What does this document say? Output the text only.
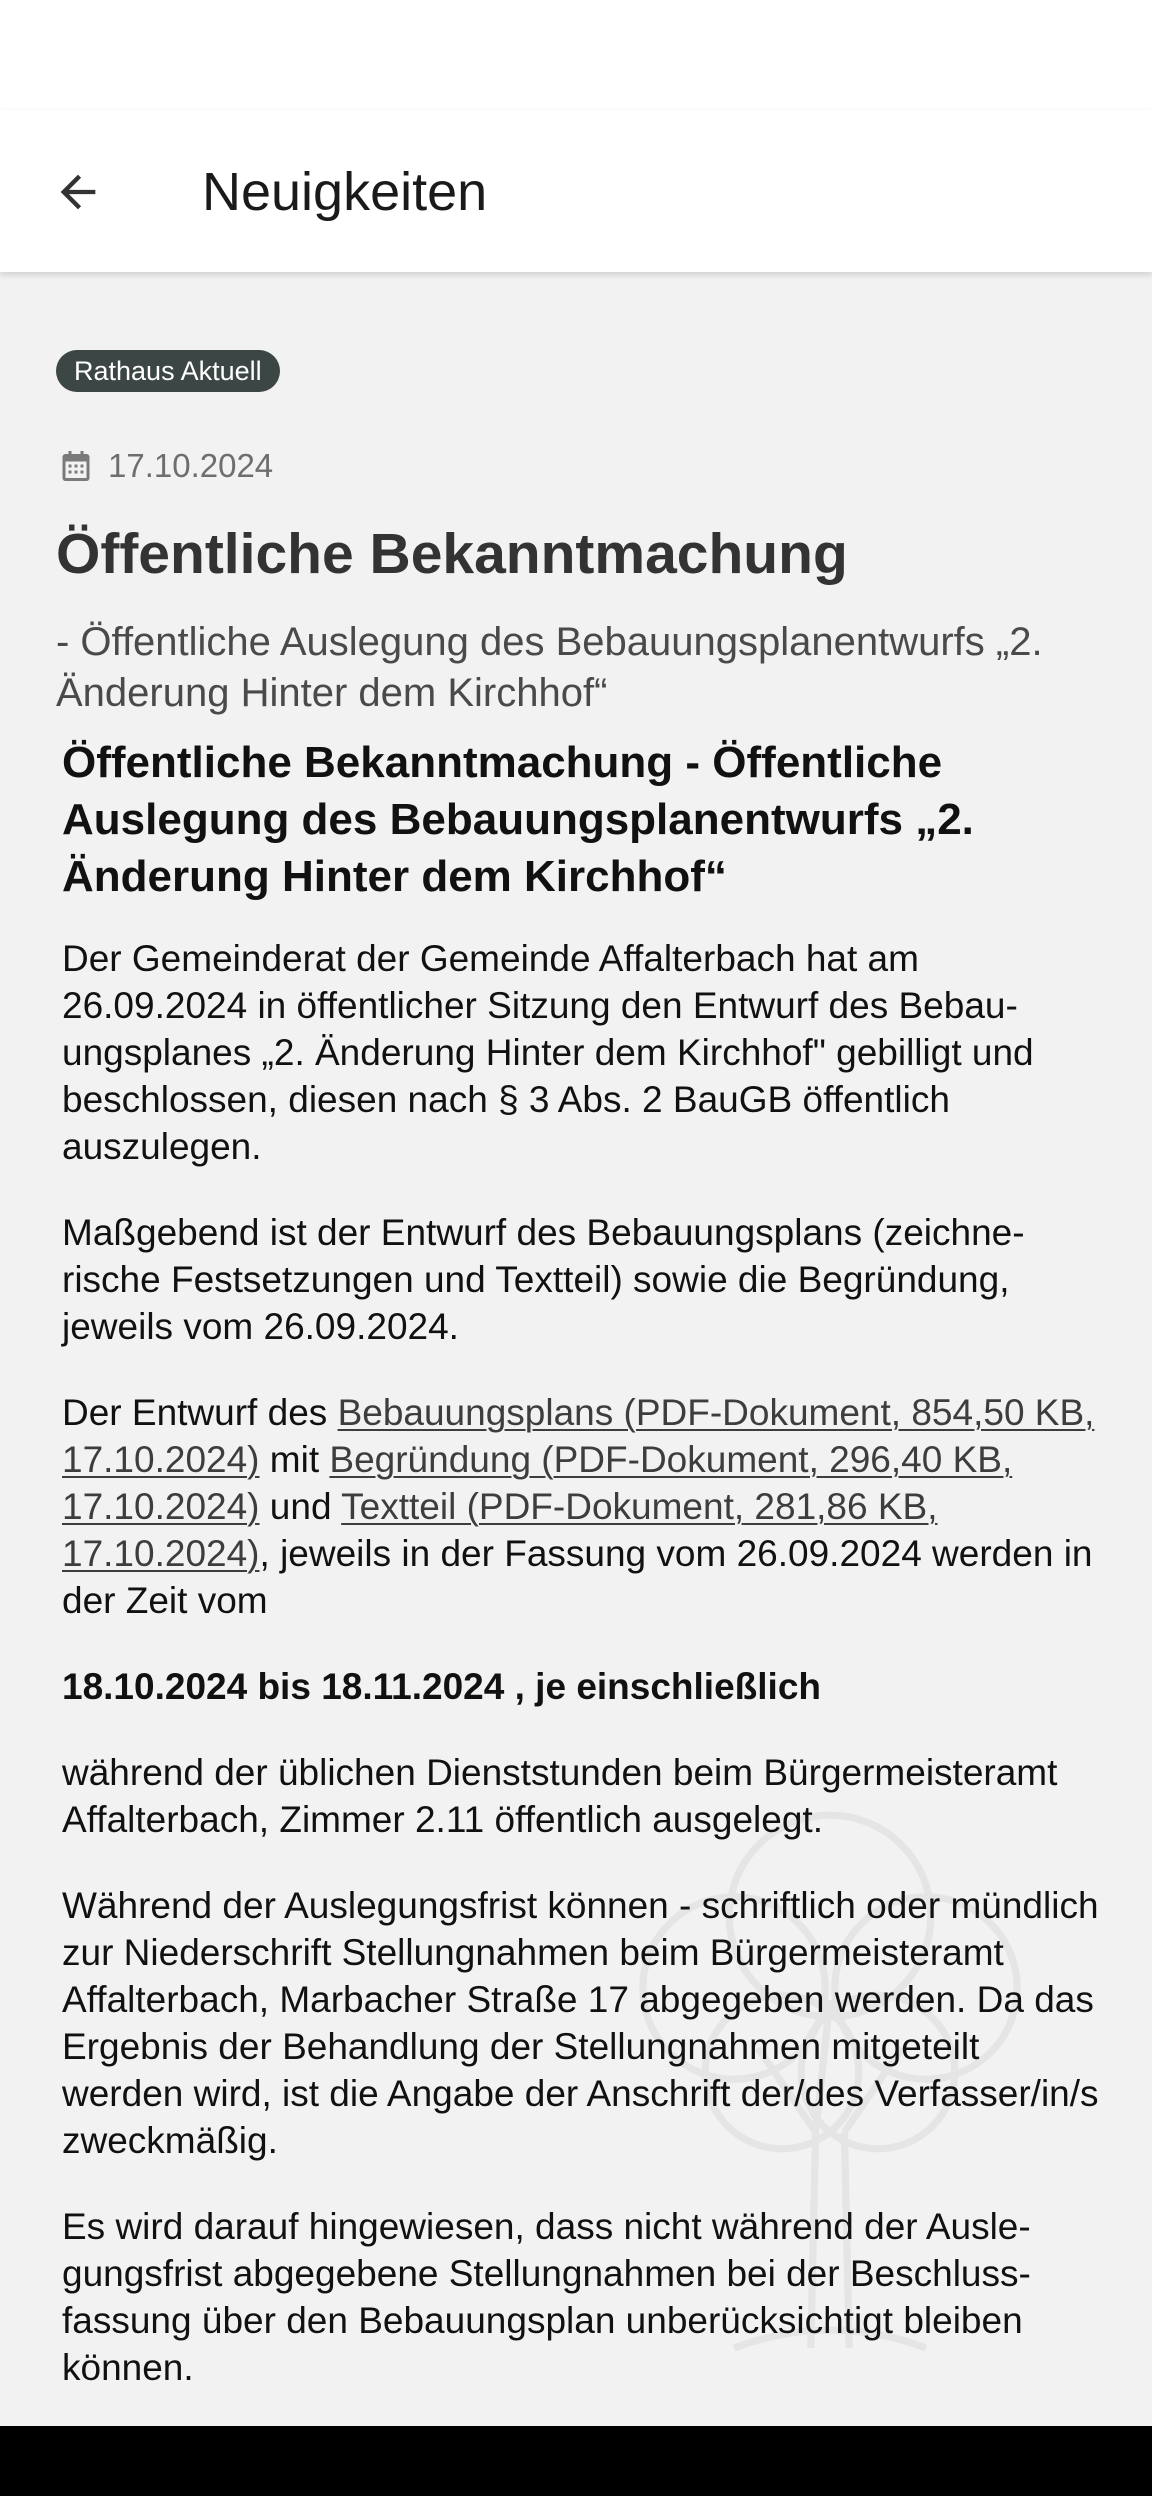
Neuigkeiten
Rathaus Aktuell
17.10.2024
Öffentliche Bekanntmachung

- Öffentliche Auslegung des Bebauungsplanentwurfs „2. Änderung Hinter dem Kirchhof“

Öffentliche Bekanntmachung - Öffentliche Auslegung des Bebauungsplanentwurfs „2. Änderung Hinter dem Kirchhof“

Der Gemeinderat der Gemeinde Affalterbach hat am 26.09.2024 in öffentlicher Sitzung den Entwurf des Bebauungsplanes „2. Änderung Hinter dem Kirchhof" gebilligt und beschlossen, diesen nach § 3 Abs. 2 BauGB öffentlich auszulegen.

Maßgebend ist der Entwurf des Bebauungsplans (zeichnerische Festsetzungen und Textteil) sowie die Begründung, jeweils vom 26.09.2024.

Der Entwurf des Bebauungsplans (PDF-Dokument, 854,50 KB, 17.10.2024) mit Begründung (PDF-Dokument, 296,40 KB, 17.10.2024) und Textteil (PDF-Dokument, 281,86 KB, 17.10.2024), jeweils in der Fassung vom 26.09.2024 werden in der Zeit vom

18.10.2024 bis 18.11.2024 , je einschließlich

während der üblichen Dienststunden beim Bürgermeisteramt Affalterbach, Zimmer 2.11 öffentlich ausgelegt.

Während der Auslegungsfrist können - schriftlich oder mündlich zur Niederschrift Stellungnahmen beim Bürgermeisteramt Affalterbach, Marbacher Straße 17 abgegeben werden. Da das Ergebnis der Behandlung der Stellungnahmen mitgeteilt werden wird, ist die Angabe der Anschrift der/des Verfasser/in/s zweckmäßig.

Es wird darauf hingewiesen, dass nicht während der Auslegungsfrist abgegebene Stellungnahmen bei der Beschlussfassung über den Bebauungsplan unberücksichtigt bleiben können.
